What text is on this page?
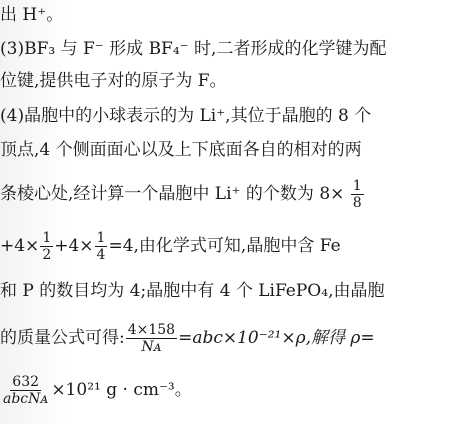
出 H⁺。
(3)BF₃ 与 F⁻ 形成 BF₄⁻ 时,二者形成的化学键为配
位键,提供电子对的原子为 F。
(4)晶胞中的小球表示的为 Li⁺,其位于晶胞的 8 个
顶点,4 个侧面面心以及上下底面各自的相对的两
条棱心处,经计算一个晶胞中 Li⁺ 的个数为 $8\times \frac{1}{8}$
$+4\times \frac{1}{2} +4\times \frac{1}{4} =4$,由化学式可知,晶胞中含 Fe
和 P 的数目均为 4;晶胞中有 4 个 LiFePO₄,由晶胞
的质量公式可得: $\frac{4\times 158}{\text{Nᴀ}} =abc\times 10^{-21}\times\rho$,解得 ρ=
$\frac{632}{\text{abcNᴀ}} \times 10^{21}$ g · cm⁻³。
